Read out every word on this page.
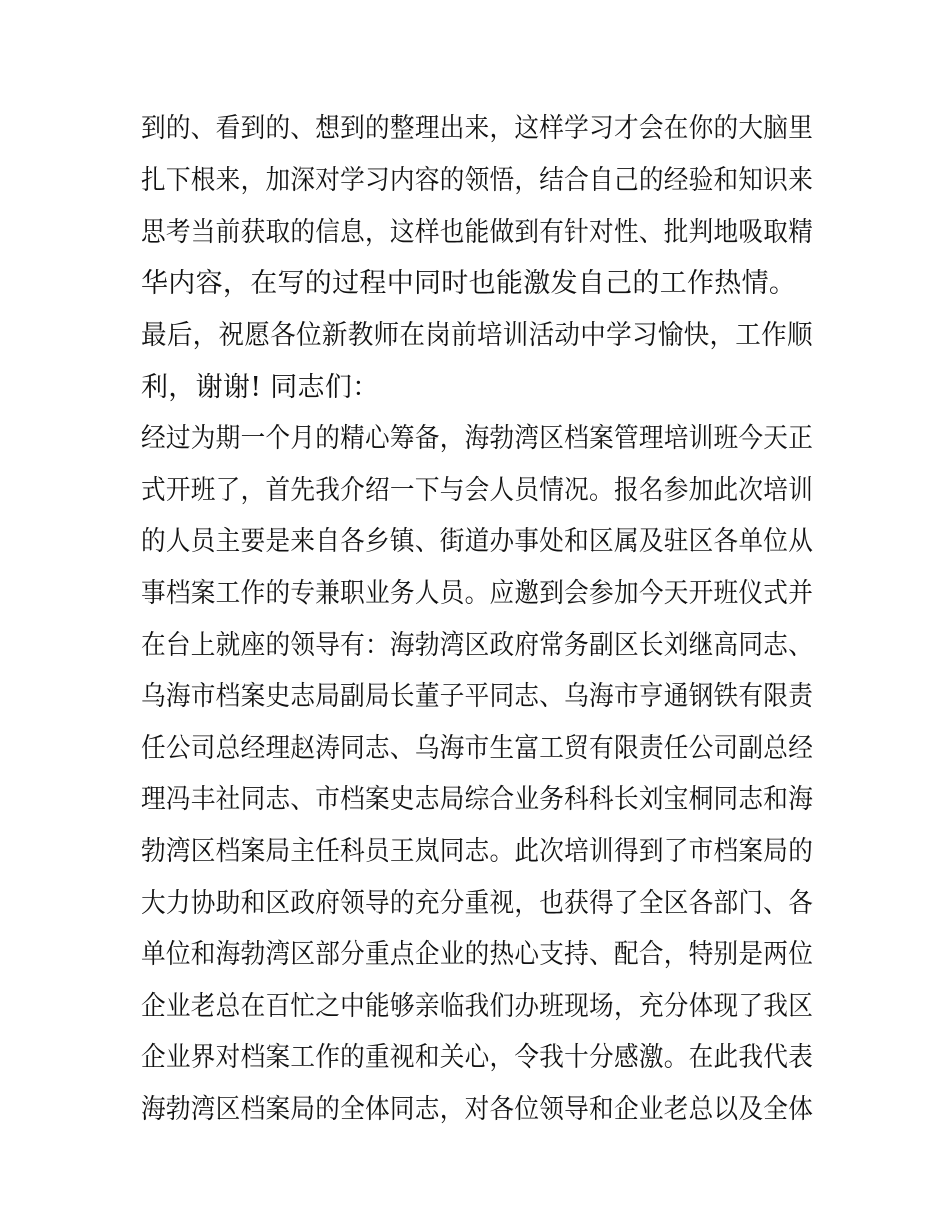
到的、看到的、想到的整理出来，这样学习才会在你的大脑里
扎下根来，加深对学习内容的领悟，结合自己的经验和知识来
思考当前获取的信息，这样也能做到有针对性、批判地吸取精
华内容，在写的过程中同时也能激发自己的工作热情。
最后，祝愿各位新教师在岗前培训活动中学习愉快，工作顺
利，谢谢! 同志们：
经过为期一个月的精心筹备，海勃湾区档案管理培训班今天正
式开班了，首先我介绍一下与会人员情况。报名参加此次培训
的人员主要是来自各乡镇、街道办事处和区属及驻区各单位从
事档案工作的专兼职业务人员。应邀到会参加今天开班仪式并
在台上就座的领导有：海勃湾区政府常务副区长刘继高同志、
乌海市档案史志局副局长董子平同志、乌海市亨通钢铁有限责
任公司总经理赵涛同志、乌海市生富工贸有限责任公司副总经
理冯丰社同志、市档案史志局综合业务科科长刘宝桐同志和海
勃湾区档案局主任科员王岚同志。此次培训得到了市档案局的
大力协助和区政府领导的充分重视，也获得了全区各部门、各
单位和海勃湾区部分重点企业的热心支持、配合，特别是两位
企业老总在百忙之中能够亲临我们办班现场，充分体现了我区
企业界对档案工作的重视和关心，令我十分感激。在此我代表
海勃湾区档案局的全体同志，对各位领导和企业老总以及全体
